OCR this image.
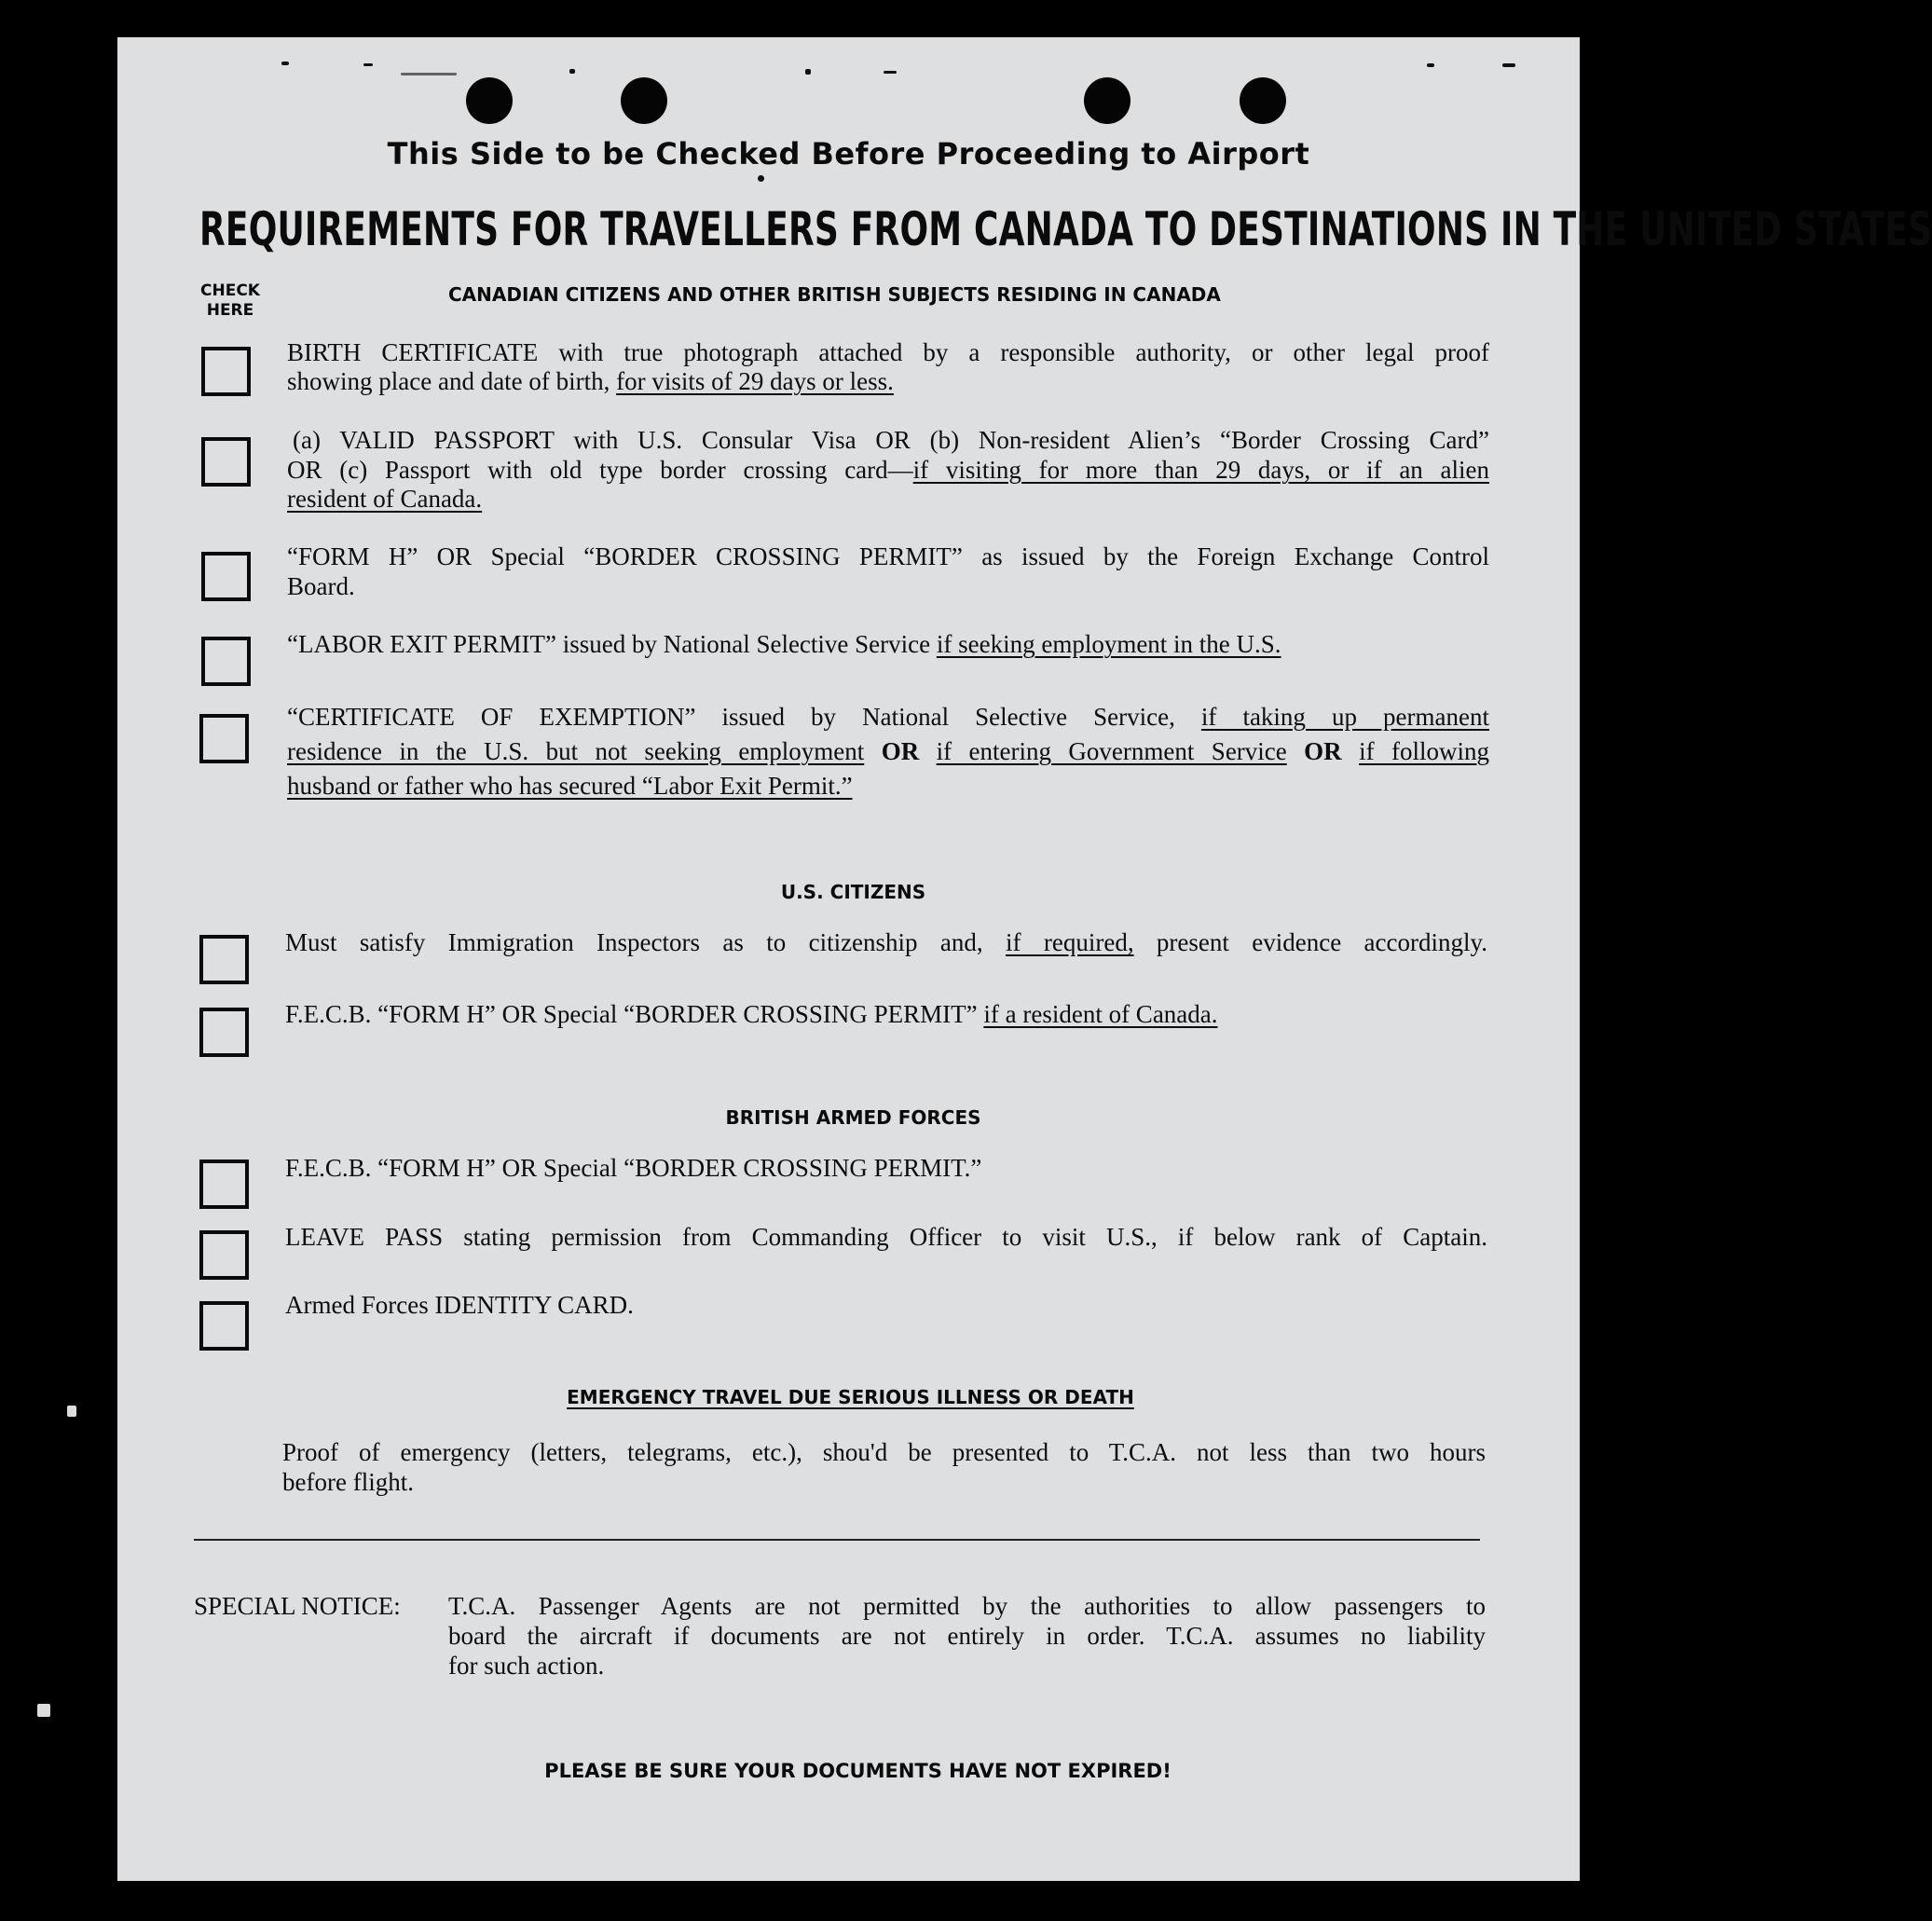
This Side to be Checked Before Proceeding to Airport
REQUIREMENTS FOR TRAVELLERS FROM CANADA TO DESTINATIONS IN THE UNITED STATES
CHECK
HERE
CANADIAN CITIZENS AND OTHER BRITISH SUBJECTS RESIDING IN CANADA
BIRTH CERTIFICATE with true photograph attached by a responsible authority, or other legal proof
showing place and date of birth, for visits of 29 days or less.
(a) VALID PASSPORT with U.S. Consular Visa OR (b) Non-resident Alien’s “Border Crossing Card”
OR (c) Passport with old type border crossing card—if visiting for more than 29 days, or if an alien
resident of Canada.
“FORM H” OR Special “BORDER CROSSING PERMIT” as issued by the Foreign Exchange Control
Board.
“LABOR EXIT PERMIT” issued by National Selective Service if seeking employment in the U.S.
“CERTIFICATE OF EXEMPTION” issued by National Selective Service, if taking up permanent
residence in the U.S. but not seeking employment OR if entering Government Service OR if following
husband or father who has secured “Labor Exit Permit.”
U.S. CITIZENS
Must satisfy Immigration Inspectors as to citizenship and, if required, present evidence accordingly.
F.E.C.B. “FORM H” OR Special “BORDER CROSSING PERMIT” if a resident of Canada.
BRITISH ARMED FORCES
F.E.C.B. “FORM H” OR Special “BORDER CROSSING PERMIT.”
LEAVE PASS stating permission from Commanding Officer to visit U.S., if below rank of Captain.
Armed Forces IDENTITY CARD.
EMERGENCY TRAVEL DUE SERIOUS ILLNESS OR DEATH
Proof of emergency (letters, telegrams, etc.), shou'd be presented to T.C.A. not less than two hours
before flight.
SPECIAL NOTICE: T.C.A. Passenger Agents are not permitted by the authorities to allow passengers to
board the aircraft if documents are not entirely in order. T.C.A. assumes no liability
for such action.
PLEASE BE SURE YOUR DOCUMENTS HAVE NOT EXPIRED!
